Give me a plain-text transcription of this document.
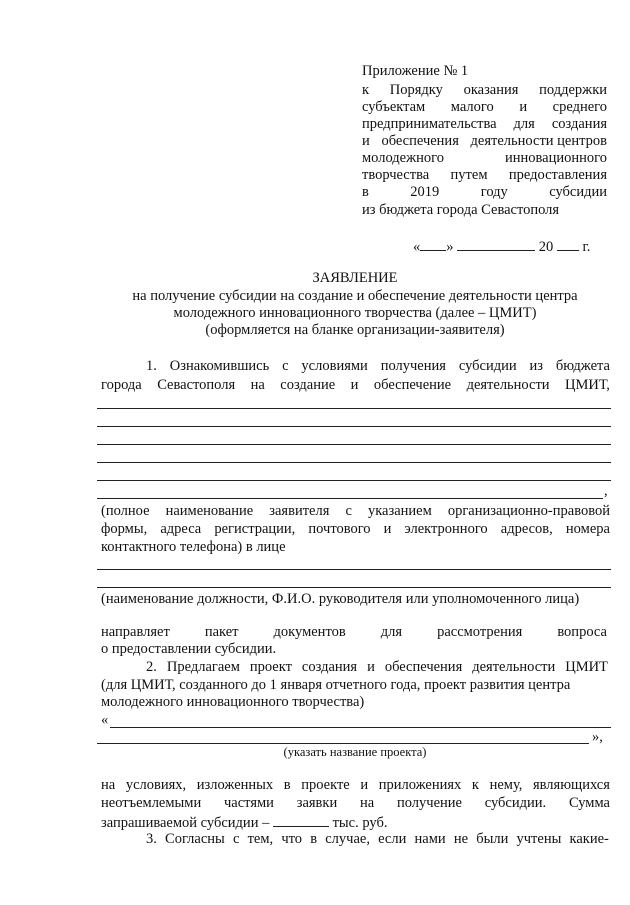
Приложение № 1
к Порядку оказания поддержки
субъектам малого и среднего
предпринимательства для создания
и обеспечения деятельности центров
молодежного	инновационного
творчества путем предоставления
в	2019	году	субсидии
из бюджета города Севастополя
« »	20 г.
ЗАЯВЛЕНИЕ
на получение субсидии на создание и обеспечение деятельности центра
молодежного инновационного творчества (далее – ЦМИТ)
(оформляется на бланке организации-заявителя)
1. Ознакомившись с условиями получения субсидии из бюджета
города Севастополя на создание и обеспечение деятельности ЦМИТ,
,
(полное наименование заявителя с указанием организационно-правовой
формы, адреса регистрации, почтового и электронного адресов, номера
контактного телефона) в лице
(наименование должности, Ф.И.О. руководителя или уполномоченного лица)
направляет пакет документов для рассмотрения вопроса
о предоставлении субсидии.
2. Предлагаем проект создания и обеспечения деятельности ЦМИТ
(для ЦМИТ, созданного до 1 января отчетного года, проект развития центра
молодежного инновационного творчества)
«
»,
(указать название проекта)
на условиях, изложенных в проекте и приложениях к нему, являющихся
неотъемлемыми частями заявки на получение субсидии. Сумма
запрашиваемой субсидии –	тыс. руб.
3. Согласны с тем, что в случае, если нами не были учтены какие-
